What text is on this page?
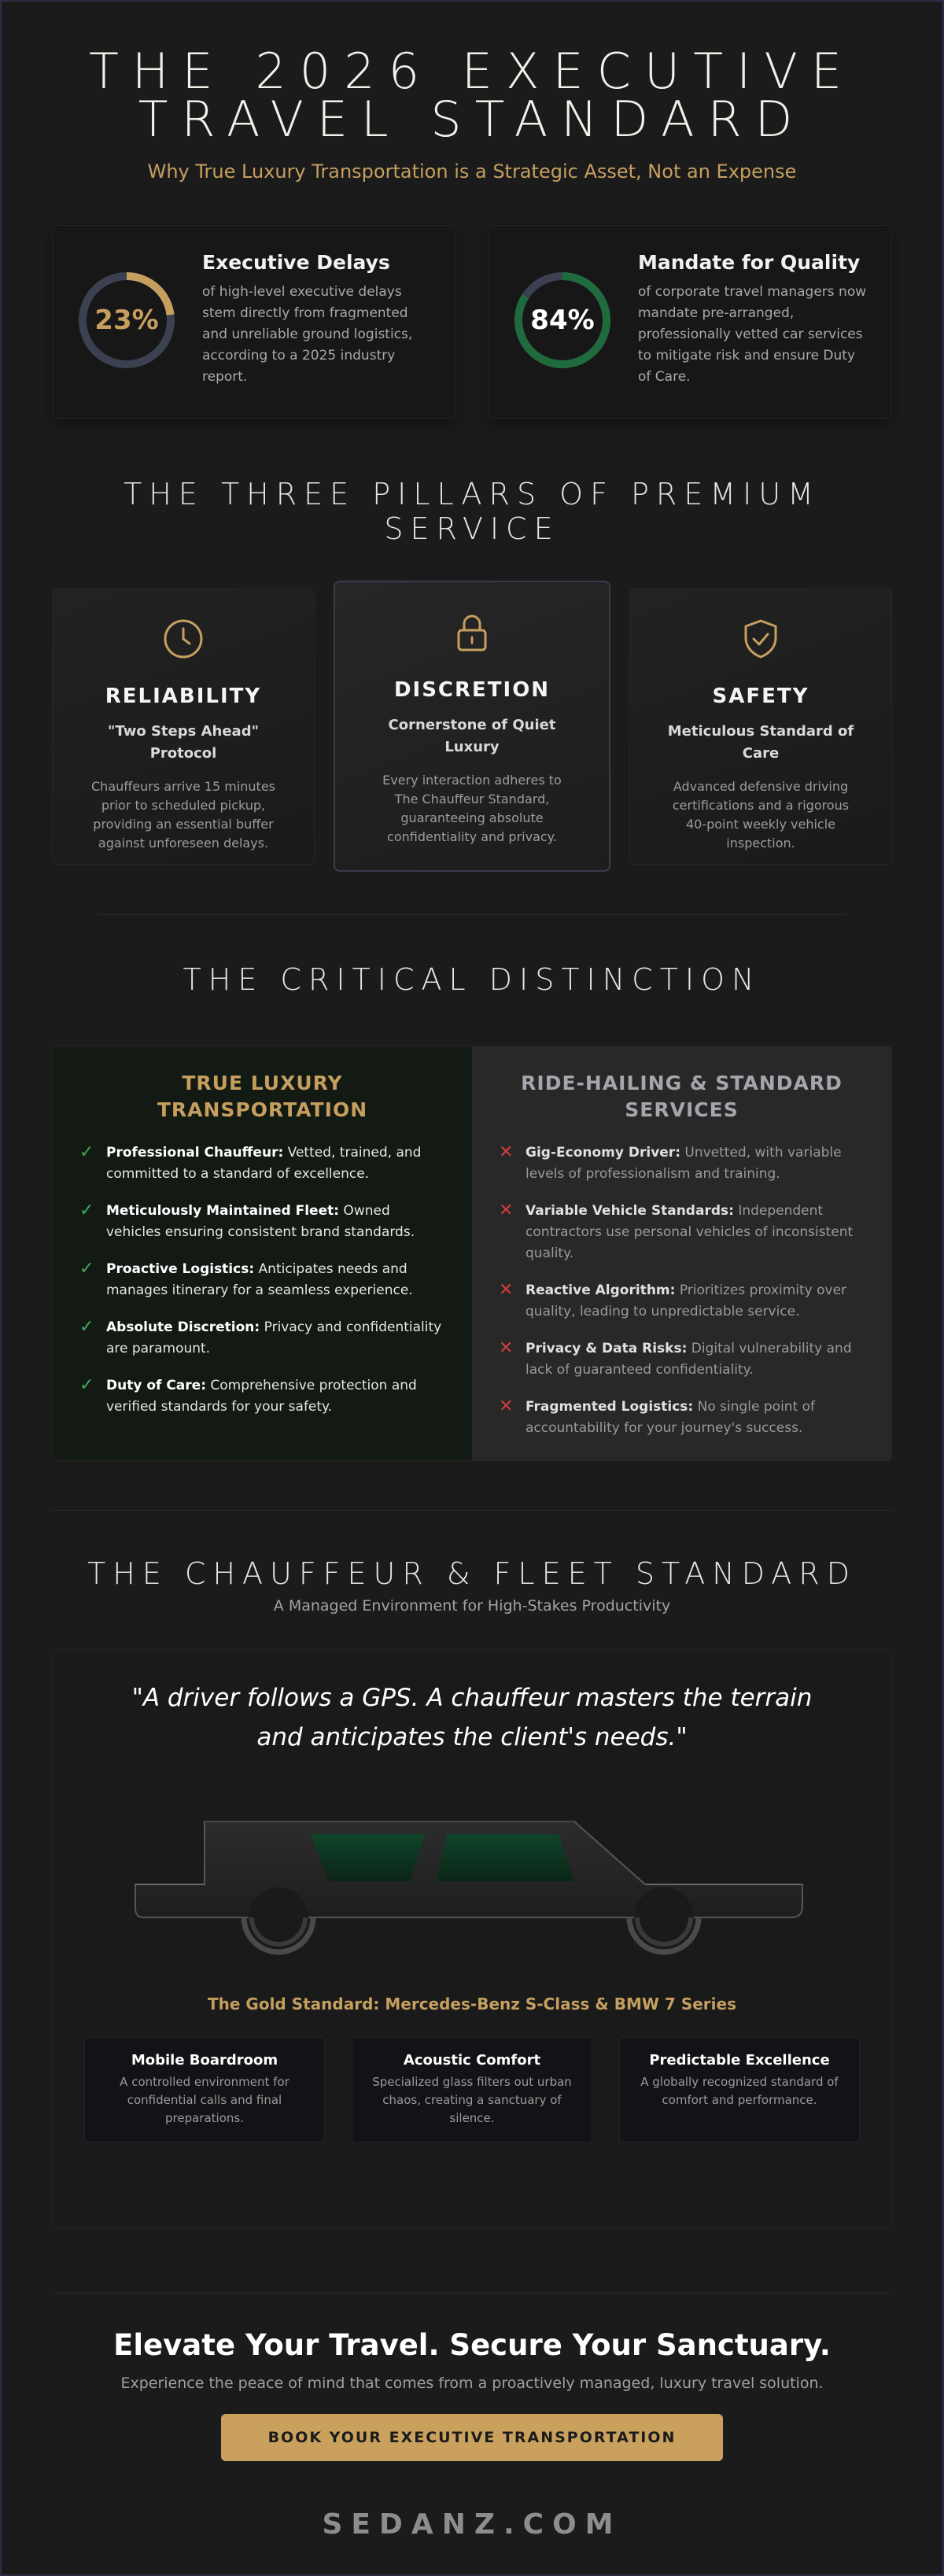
THE 2026 EXECUTIVE
TRAVEL STANDARD

Why True Luxury Transportation is a Strategic Asset, Not an Expense

23%
Executive Delays
of high-level executive delays stem directly from fragmented and unreliable ground logistics, according to a 2025 industry report.
84%
Mandate for Quality
of corporate travel managers now mandate pre-arranged, professionally vetted car services to mitigate risk and ensure Duty of Care.
THE THREE PILLARS OF PREMIUM SERVICE
RELIABILITY
"Two Steps Ahead" Protocol
Chauffeurs arrive 15 minutes prior to scheduled pickup, providing an essential buffer against unforeseen delays.
DISCRETION
Cornerstone of Quiet Luxury
Every interaction adheres to The Chauffeur Standard, guaranteeing absolute confidentiality and privacy.
SAFETY
Meticulous Standard of Care
Advanced defensive driving certifications and a rigorous 40-point weekly vehicle inspection.
THE CRITICAL DISTINCTION
TRUE LUXURY TRANSPORTATION
✓ Professional Chauffeur: Vetted, trained, and committed to a standard of excellence.
✓ Meticulously Maintained Fleet: Owned vehicles ensuring consistent brand standards.
✓ Proactive Logistics: Anticipates needs and manages itinerary for a seamless experience.
✓ Absolute Discretion: Privacy and confidentiality are paramount.
✓ Duty of Care: Comprehensive protection and verified standards for your safety.
RIDE-HAILING & STANDARD SERVICES
✕ Gig-Economy Driver: Unvetted, with variable levels of professionalism and training.
✕ Variable Vehicle Standards: Independent contractors use personal vehicles of inconsistent quality.
✕ Reactive Algorithm: Prioritizes proximity over quality, leading to unpredictable service.
✕ Privacy & Data Risks: Digital vulnerability and lack of guaranteed confidentiality.
✕ Fragmented Logistics: No single point of accountability for your journey's success.
THE CHAUFFEUR & FLEET STANDARD

A Managed Environment for High-Stakes Productivity

"A driver follows a GPS. A chauffeur masters the terrain and anticipates the client's needs."

The Gold Standard: Mercedes-Benz S-Class & BMW 7 Series
Mobile Boardroom
A controlled environment for confidential calls and final preparations.
Acoustic Comfort
Specialized glass filters out urban chaos, creating a sanctuary of silence.
Predictable Excellence
A globally recognized standard of comfort and performance.
Elevate Your Travel. Secure Your Sanctuary.

Experience the peace of mind that comes from a proactively managed, luxury travel solution.

BOOK YOUR EXECUTIVE TRANSPORTATION
SEDANZ.COM
